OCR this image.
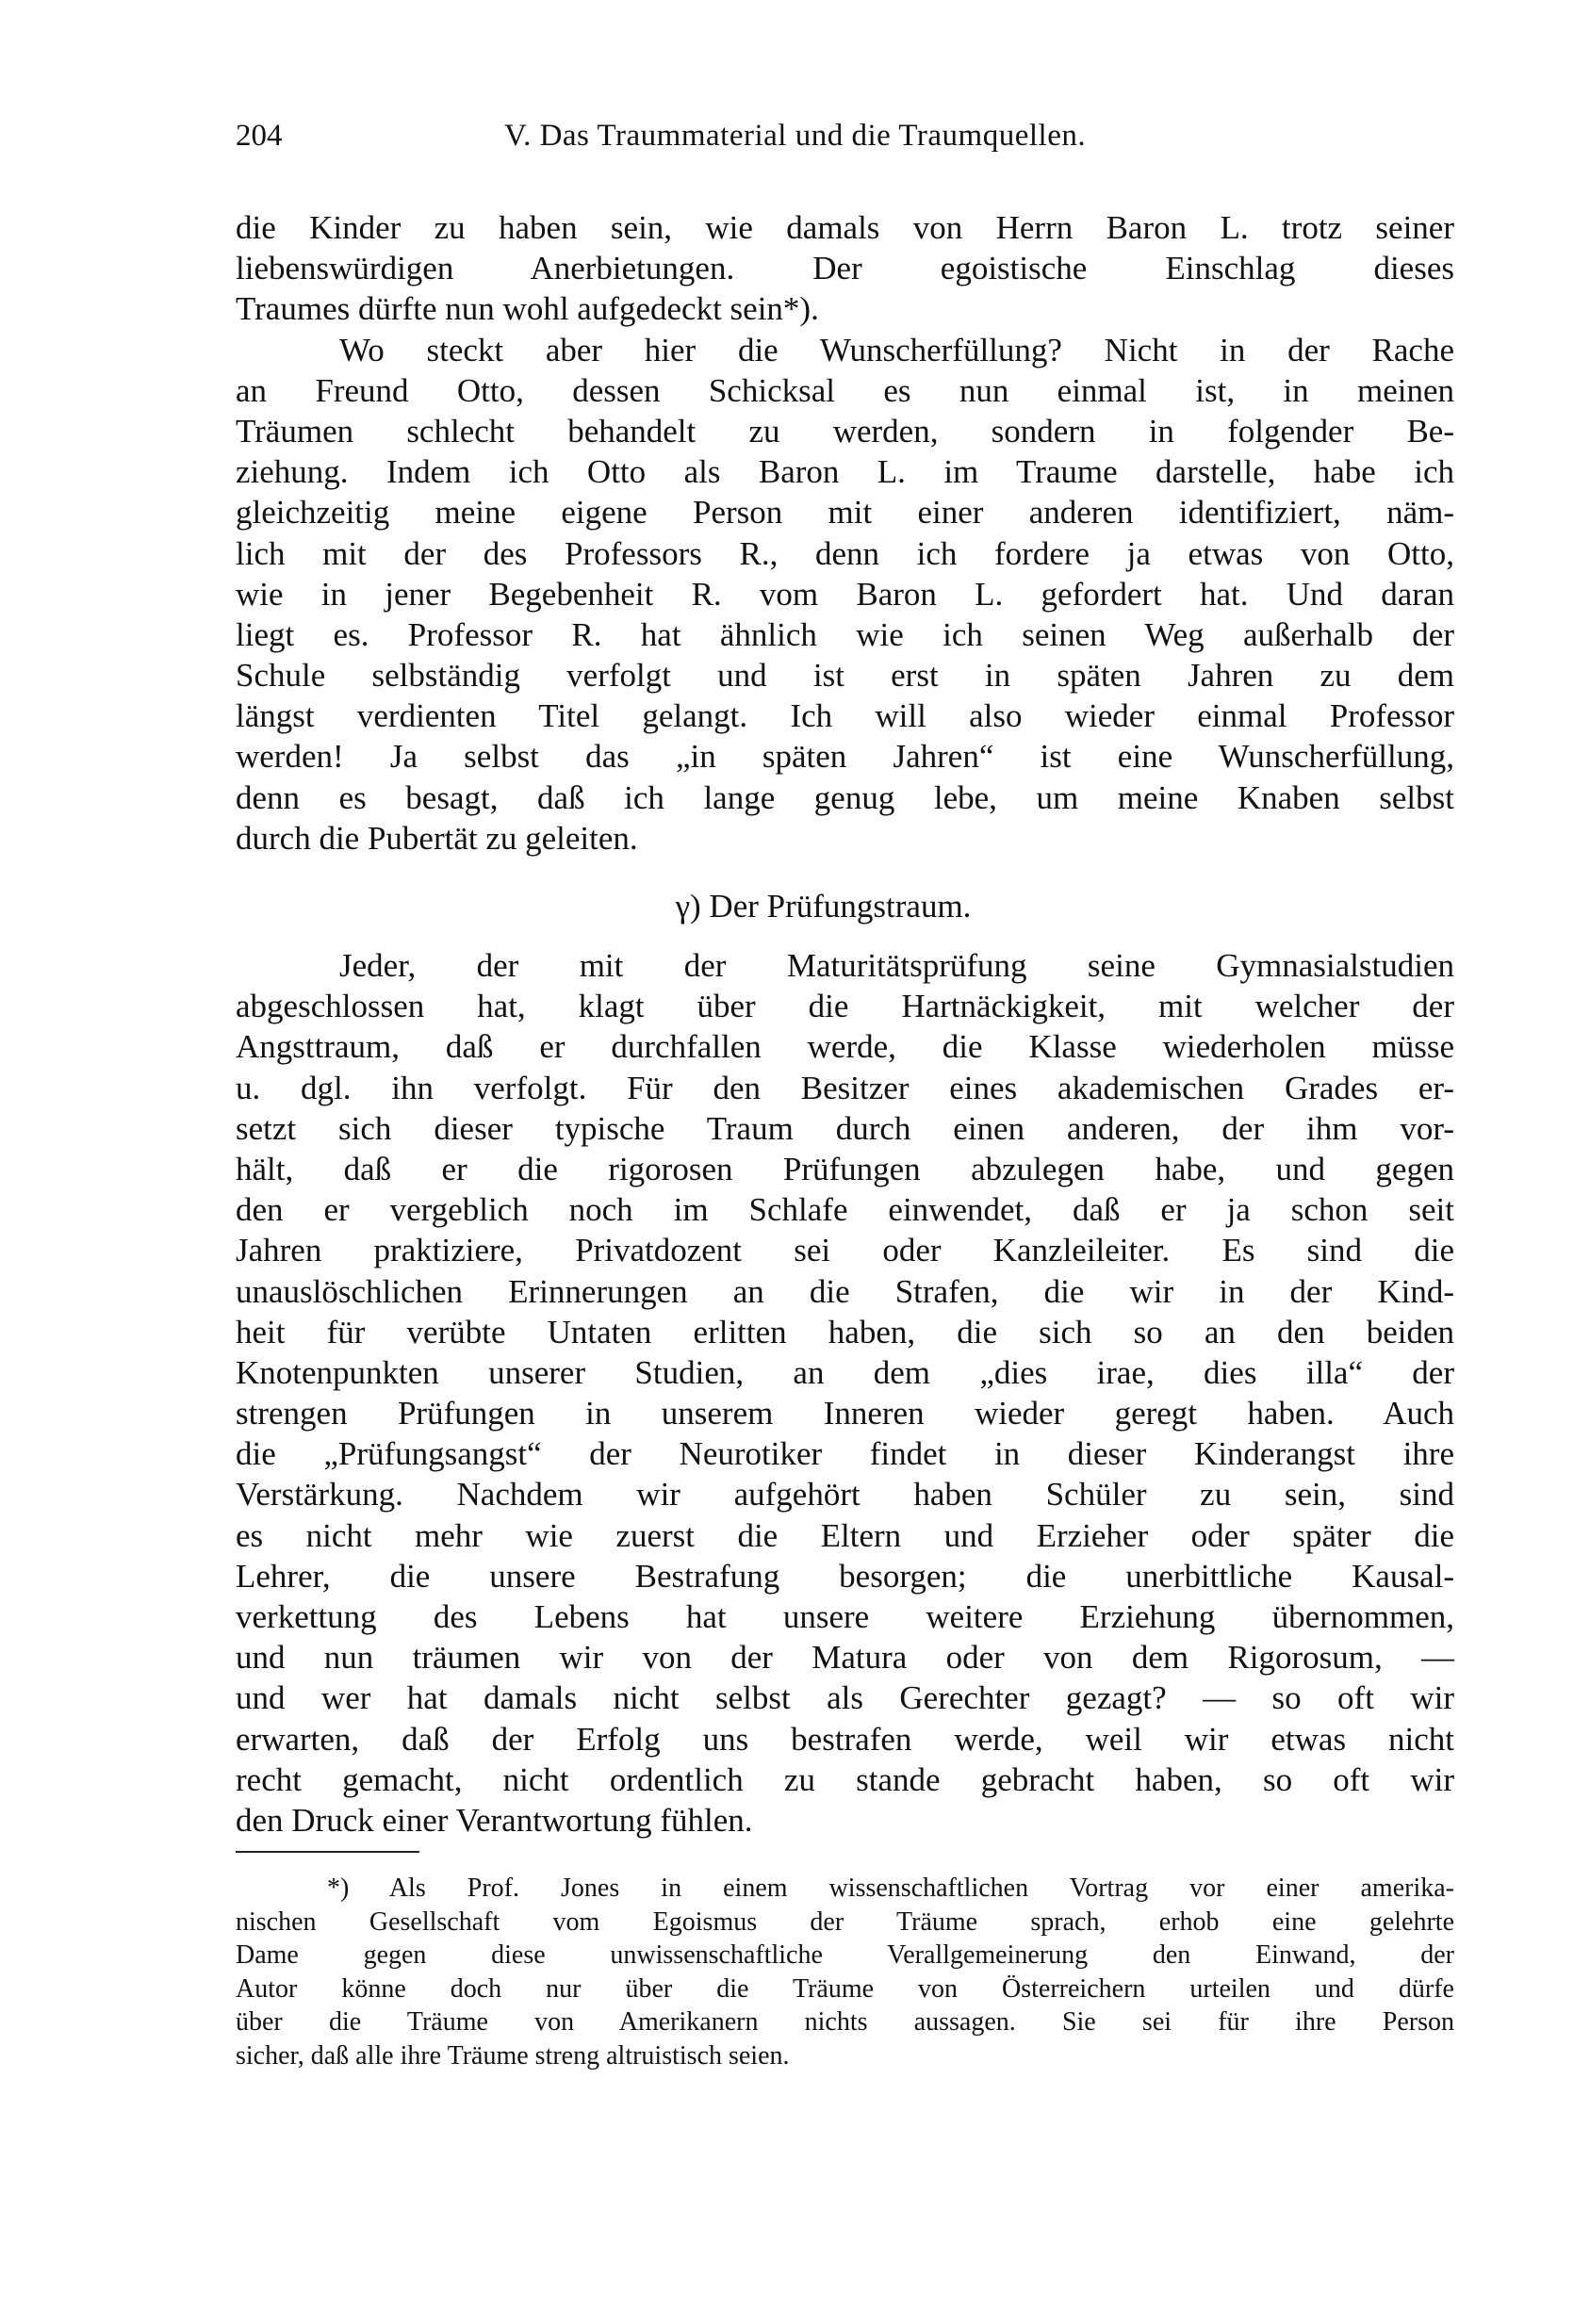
204	V. Das Traummaterial und die Traumquellen.
die Kinder zu haben sein, wie damals von Herrn Baron L. trotz seiner
liebenswürdigen Anerbietungen. Der egoistische Einschlag dieses
Traumes dürfte nun wohl aufgedeckt sein*).
Wo steckt aber hier die Wunscherfüllung? Nicht in der Rache
an Freund Otto, dessen Schicksal es nun einmal ist, in meinen
Träumen schlecht behandelt zu werden, sondern in folgender Be-
ziehung. Indem ich Otto als Baron L. im Traume darstelle, habe ich
gleichzeitig meine eigene Person mit einer anderen identifiziert, näm-
lich mit der des Professors R., denn ich fordere ja etwas von Otto,
wie in jener Begebenheit R. vom Baron L. gefordert hat. Und daran
liegt es. Professor R. hat ähnlich wie ich seinen Weg außerhalb der
Schule selbständig verfolgt und ist erst in späten Jahren zu dem
längst verdienten Titel gelangt. Ich will also wieder einmal Professor
werden! Ja selbst das „in späten Jahren“ ist eine Wunscherfüllung,
denn es besagt, daß ich lange genug lebe, um meine Knaben selbst
durch die Pubertät zu geleiten.
γ) Der Prüfungstraum.
Jeder, der mit der Maturitätsprüfung seine Gymnasialstudien
abgeschlossen hat, klagt über die Hartnäckigkeit, mit welcher der
Angsttraum, daß er durchfallen werde, die Klasse wiederholen müsse
u. dgl. ihn verfolgt. Für den Besitzer eines akademischen Grades er-
setzt sich dieser typische Traum durch einen anderen, der ihm vor-
hält, daß er die rigorosen Prüfungen abzulegen habe, und gegen
den er vergeblich noch im Schlafe einwendet, daß er ja schon seit
Jahren praktiziere, Privatdozent sei oder Kanzleileiter. Es sind die
unauslöschlichen Erinnerungen an die Strafen, die wir in der Kind-
heit für verübte Untaten erlitten haben, die sich so an den beiden
Knotenpunkten unserer Studien, an dem „dies irae, dies illa“ der
strengen Prüfungen in unserem Inneren wieder geregt haben. Auch
die „Prüfungsangst“ der Neurotiker findet in dieser Kinderangst ihre
Verstärkung. Nachdem wir aufgehört haben Schüler zu sein, sind
es nicht mehr wie zuerst die Eltern und Erzieher oder später die
Lehrer, die unsere Bestrafung besorgen; die unerbittliche Kausal-
verkettung des Lebens hat unsere weitere Erziehung übernommen,
und nun träumen wir von der Matura oder von dem Rigorosum, —
und wer hat damals nicht selbst als Gerechter gezagt? — so oft wir
erwarten, daß der Erfolg uns bestrafen werde, weil wir etwas nicht
recht gemacht, nicht ordentlich zu stande gebracht haben, so oft wir
den Druck einer Verantwortung fühlen.
*) Als Prof. Jones in einem wissenschaftlichen Vortrag vor einer amerika-
nischen Gesellschaft vom Egoismus der Träume sprach, erhob eine gelehrte
Dame gegen diese unwissenschaftliche Verallgemeinerung den Einwand, der
Autor könne doch nur über die Träume von Österreichern urteilen und dürfe
über die Träume von Amerikanern nichts aussagen. Sie sei für ihre Person
sicher, daß alle ihre Träume streng altruistisch seien.
